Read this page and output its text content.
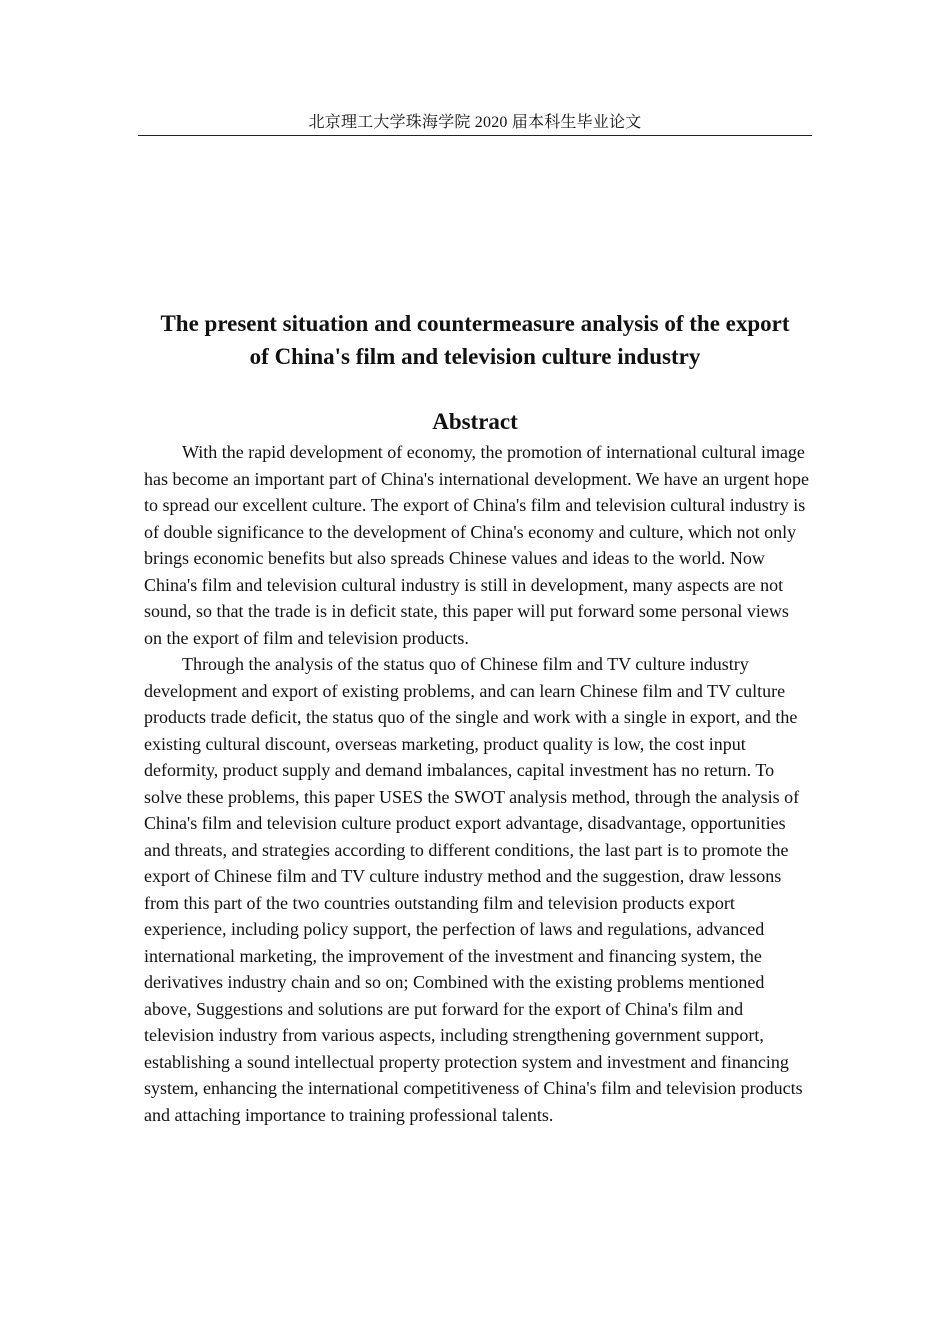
北京理工大学珠海学院 2020 届本科生毕业论文
The present situation and countermeasure analysis of the export
of China's film and television culture industry
Abstract

With the rapid development of economy, the promotion of international cultural image has become an important part of China's international development. We have an urgent hope to spread our excellent culture. The export of China's film and television cultural industry is of double significance to the development of China's economy and culture, which not only brings economic benefits but also spreads Chinese values and ideas to the world. Now China's film and television cultural industry is still in development, many aspects are not sound, so that the trade is in deficit state, this paper will put forward some personal views on the export of film and television products.

Through the analysis of the status quo of Chinese film and TV culture industry development and export of existing problems, and can learn Chinese film and TV culture products trade deficit, the status quo of the single and work with a single in export, and the existing cultural discount, overseas marketing, product quality is low, the cost input deformity, product supply and demand imbalances, capital investment has no return. To solve these problems, this paper USES the SWOT analysis method, through the analysis of China's film and television culture product export advantage, disadvantage, opportunities and threats, and strategies according to different conditions, the last part is to promote the export of Chinese film and TV culture industry method and the suggestion, draw lessons from this part of the two countries outstanding film and television products export experience, including policy support, the perfection of laws and regulations, advanced international marketing, the improvement of the investment and financing system, the derivatives industry chain and so on; Combined with the existing problems mentioned above, Suggestions and solutions are put forward for the export of China's film and television industry from various aspects, including strengthening government support, establishing a sound intellectual property protection system and investment and financing system, enhancing the international competitiveness of China's film and television products and attaching importance to training professional talents.
